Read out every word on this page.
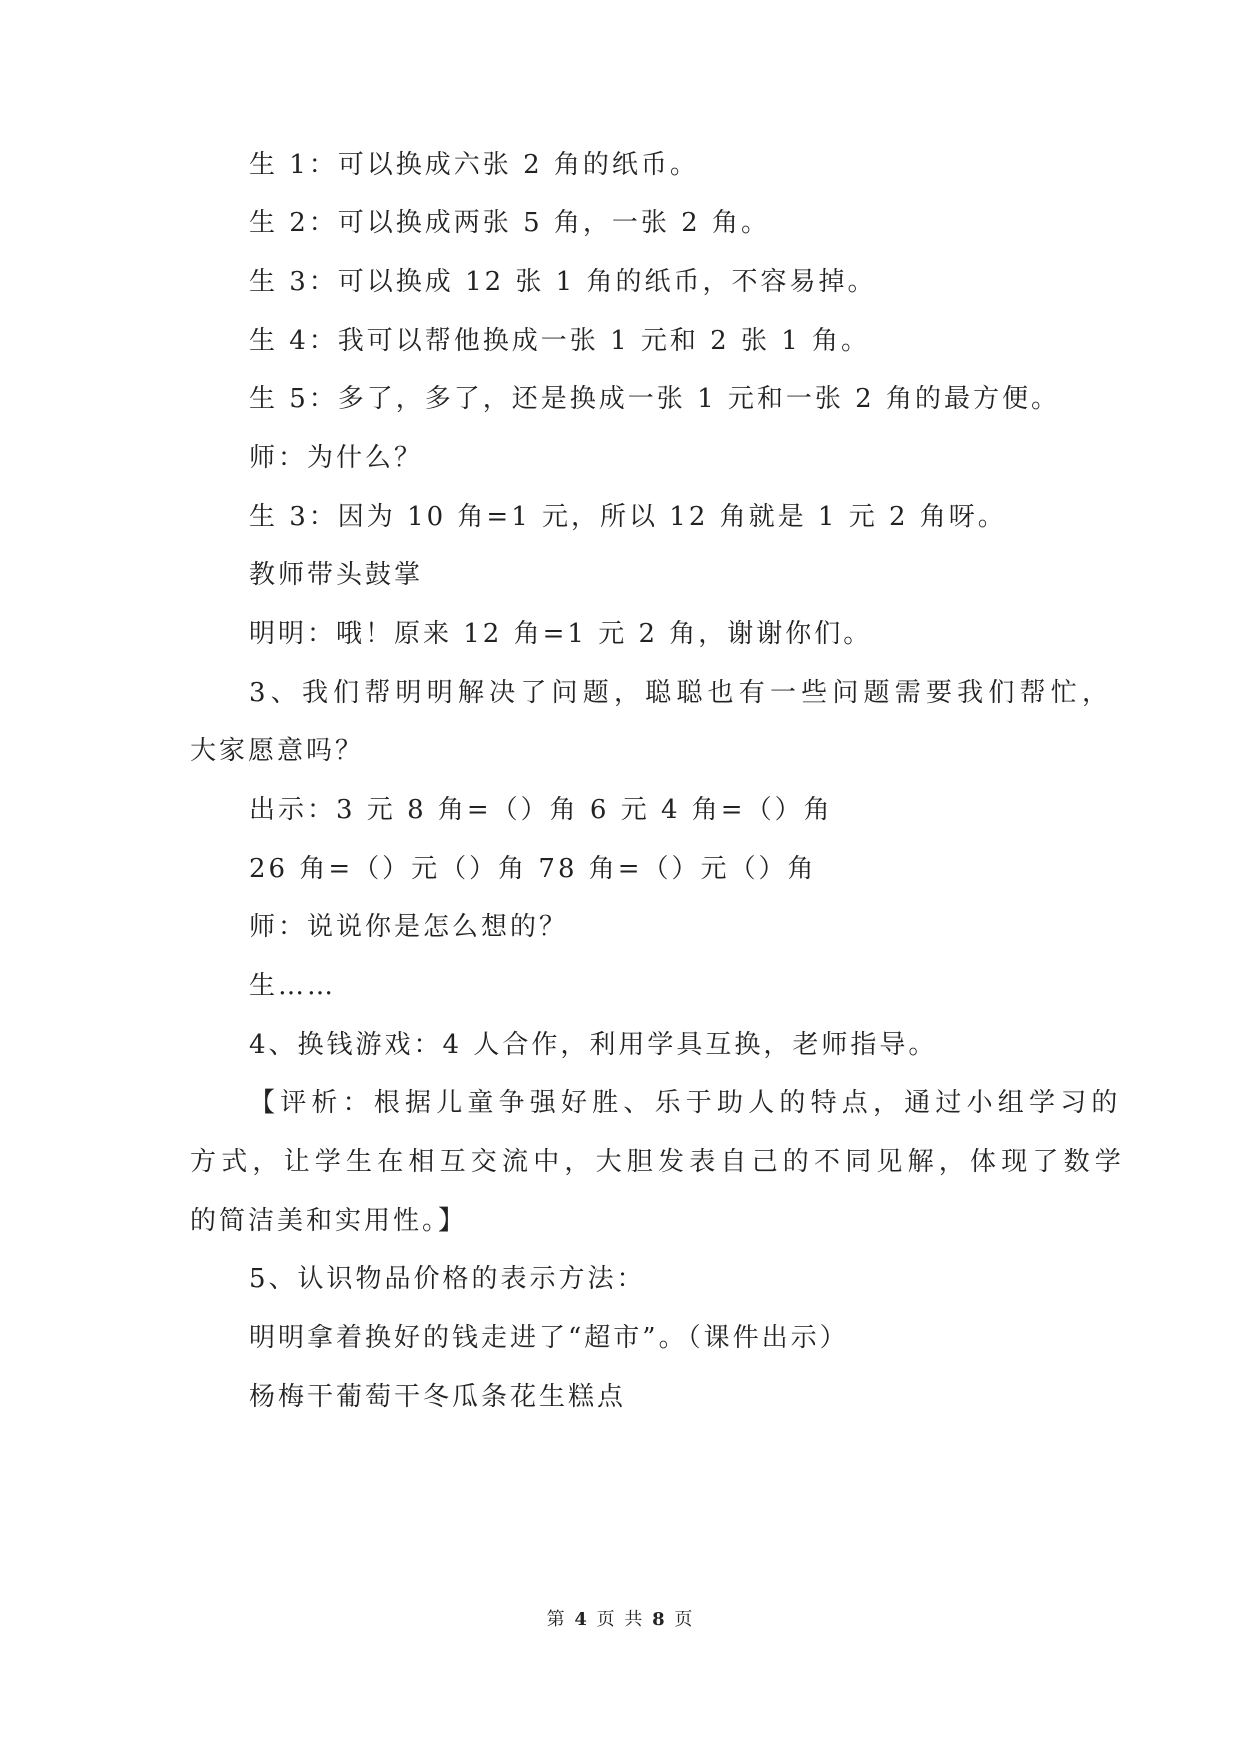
生 1：可以换成六张 2 角的纸币。
生 2：可以换成两张 5 角，一张 2 角。
生 3：可以换成 12 张 1 角的纸币，不容易掉。
生 4：我可以帮他换成一张 1 元和 2 张 1 角。
生 5：多了，多了，还是换成一张 1 元和一张 2 角的最方便。
师：为什么？
生 3：因为 10 角=1 元，所以 12 角就是 1 元 2 角呀。
教师带头鼓掌
明明：哦！原来 12 角=1 元 2 角，谢谢你们。
3、我们帮明明解决了问题，聪聪也有一些问题需要我们帮忙，
大家愿意吗？
出示：3 元 8 角=（）角 6 元 4 角=（）角
26 角=（）元（）角 78 角=（）元（）角
师：说说你是怎么想的？
生……
4、换钱游戏：4 人合作，利用学具互换，老师指导。
【评析：根据儿童争强好胜、乐于助人的特点，通过小组学习的
方式，让学生在相互交流中，大胆发表自己的不同见解，体现了数学
的简洁美和实用性。】
5、认识物品价格的表示方法：
明明拿着换好的钱走进了“超市”。（课件出示）
杨梅干葡萄干冬瓜条花生糕点
第 4 页 共 8 页
